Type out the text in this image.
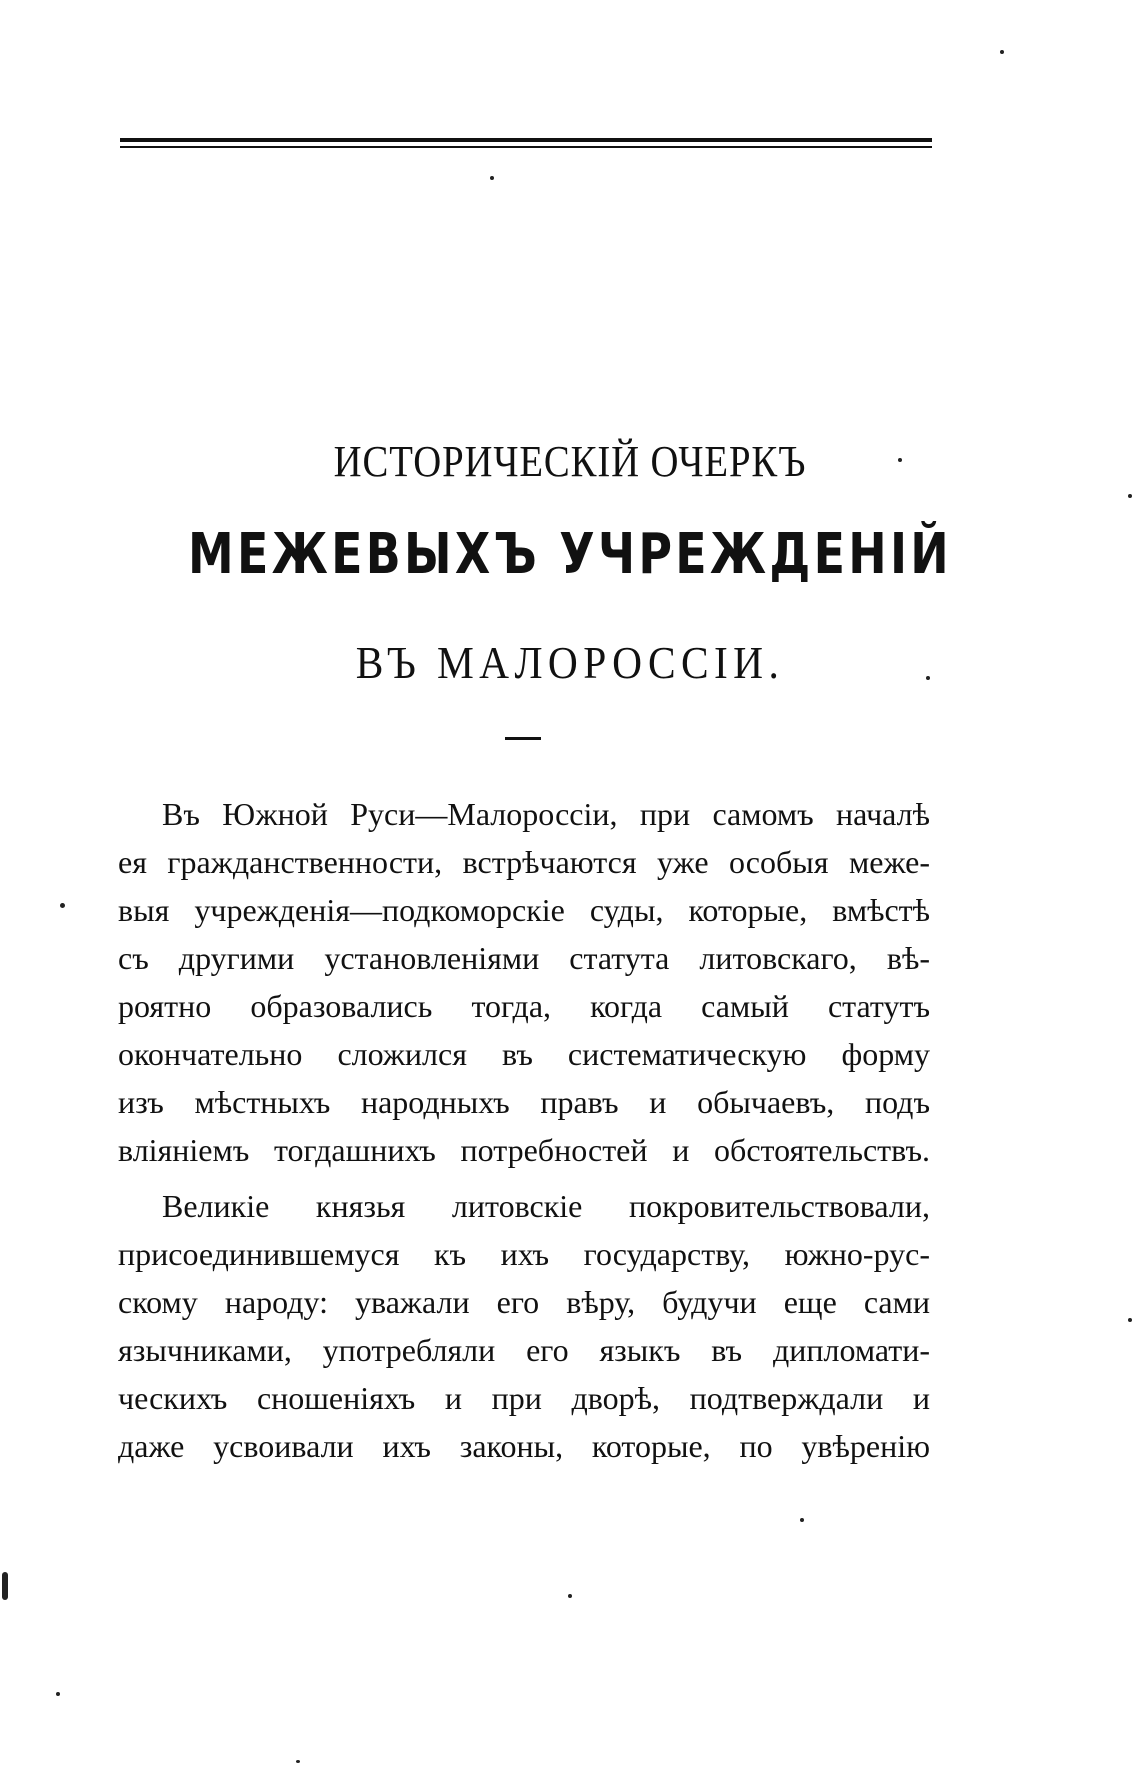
ИСТОРИЧЕСКІЙ ОЧЕРКЪ
МЕЖЕВЫХЪ УЧРЕЖДЕНІЙ
ВЪ МАЛОРОССІИ.
Въ Южной Руси—Малороссіи, при самомъ началѣ
ея гражданственности, встрѣчаются уже особыя меже-
выя учрежденія—подкоморскіе суды, которые, вмѣстѣ
съ другими установленіями статута литовскаго, вѣ-
роятно образовались тогда, когда самый статутъ
окончательно сложился въ систематическую форму
изъ мѣстныхъ народныхъ правъ и обычаевъ, подъ
вліяніемъ тогдашнихъ потребностей и обстоятельствъ.
Великіе князья литовскіе покровительствовали,
присоединившемуся къ ихъ государству, южно-рус-
скому народу: уважали его вѣру, будучи еще сами
язычниками, употребляли его языкъ въ дипломати-
ческихъ сношеніяхъ и при дворѣ, подтверждали и
даже усвоивали ихъ законы, которые, по увѣренію
